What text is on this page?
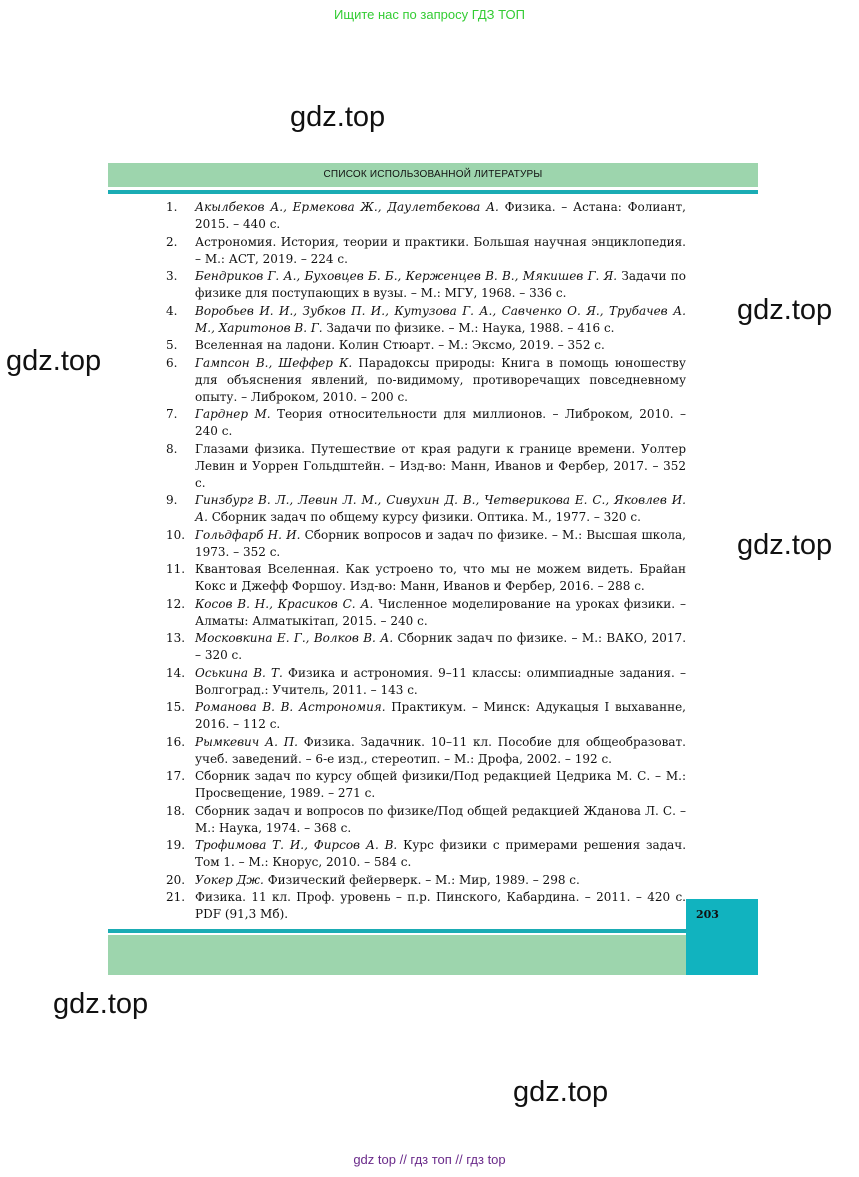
Ищите нас по запросу ГДЗ ТОП
gdz.top
gdz.top
gdz.top
gdz.top
gdz.top
gdz.top
СПИСОК ИСПОЛЬЗОВАННОЙ ЛИТЕРАТУРЫ
1. Акылбеков А., Ермекова Ж., Даулетбекова А. Физика. – Астана: Фолиант, 2015. – 440 с.
2. Астрономия. История, теории и практики. Большая научная энциклопедия. – М.: АСТ, 2019. – 224 с.
3. Бендриков Г. А., Буховцев Б. Б., Керженцев В. В., Мякишев Г. Я. Задачи по физике для поступающих в вузы. – М.: МГУ, 1968. – 336 с.
4. Воробьев И. И., Зубков П. И., Кутузова Г. А., Савченко О. Я., Трубачев А. М., Харитонов В. Г. Задачи по физике. – М.: Наука, 1988. – 416 с.
5. Вселенная на ладони. Колин Стюарт. – М.: Эксмо, 2019. – 352 с.
6. Гампсон В., Шеффер К. Парадоксы природы: Книга в помощь юношеству для объяснения явлений, по-видимому, противоречащих повседневному опыту. – Либроком, 2010. – 200 с.
7. Гарднер М. Теория относительности для миллионов. – Либроком, 2010. – 240 с.
8. Глазами физика. Путешествие от края радуги к границе времени. Уолтер Левин и Уоррен Гольдштейн. – Изд-во: Манн, Иванов и Фербер, 2017. – 352 с.
9. Гинзбург В. Л., Левин Л. М., Сивухин Д. В., Четверикова Е. С., Яковлев И. А. Сборник задач по общему курсу физики. Оптика. М., 1977. – 320 с.
10. Гольдфарб Н. И. Сборник вопросов и задач по физике. – М.: Высшая школа, 1973. – 352 с.
11. Квантовая Вселенная. Как устроено то, что мы не можем видеть. Брайан Кокс и Джефф Форшоу. Изд-во: Манн, Иванов и Фербер, 2016. – 288 с.
12. Косов В. Н., Красиков С. А. Численное моделирование на уроках физики. – Алматы: Алматыкітап, 2015. – 240 с.
13. Московкина Е. Г., Волков В. А. Сборник задач по физике. – М.: ВАКО, 2017. – 320 с.
14. Оськина В. Т. Физика и астрономия. 9–11 классы: олимпиадные задания. – Волгоград.: Учитель, 2011. – 143 с.
15. Романова В. В. Астрономия. Практикум. – Минск: Адукацыя І выхаванне, 2016. – 112 с.
16. Рымкевич А. П. Физика. Задачник. 10–11 кл. Пособие для общеобразоват. учеб. заведений. – 6-е изд., стереотип. – М.: Дрофа, 2002. – 192 с.
17. Сборник задач по курсу общей физики/Под редакцией Цедрика М. С. – М.: Просвещение, 1989. – 271 с.
18. Сборник задач и вопросов по физике/Под общей редакцией Жданова Л. С. – М.: Наука, 1974. – 368 с.
19. Трофимова Т. И., Фирсов А. В. Курс физики с примерами решения задач. Том 1. – М.: Кнорус, 2010. – 584 с.
20. Уокер Дж. Физический фейерверк. – М.: Мир, 1989. – 298 с.
21. Физика. 11 кл. Проф. уровень – п.р. Пинского, Кабардина. – 2011. – 420 с. PDF (91,3 Мб).	203
gdz top // гдз топ // гдз top
